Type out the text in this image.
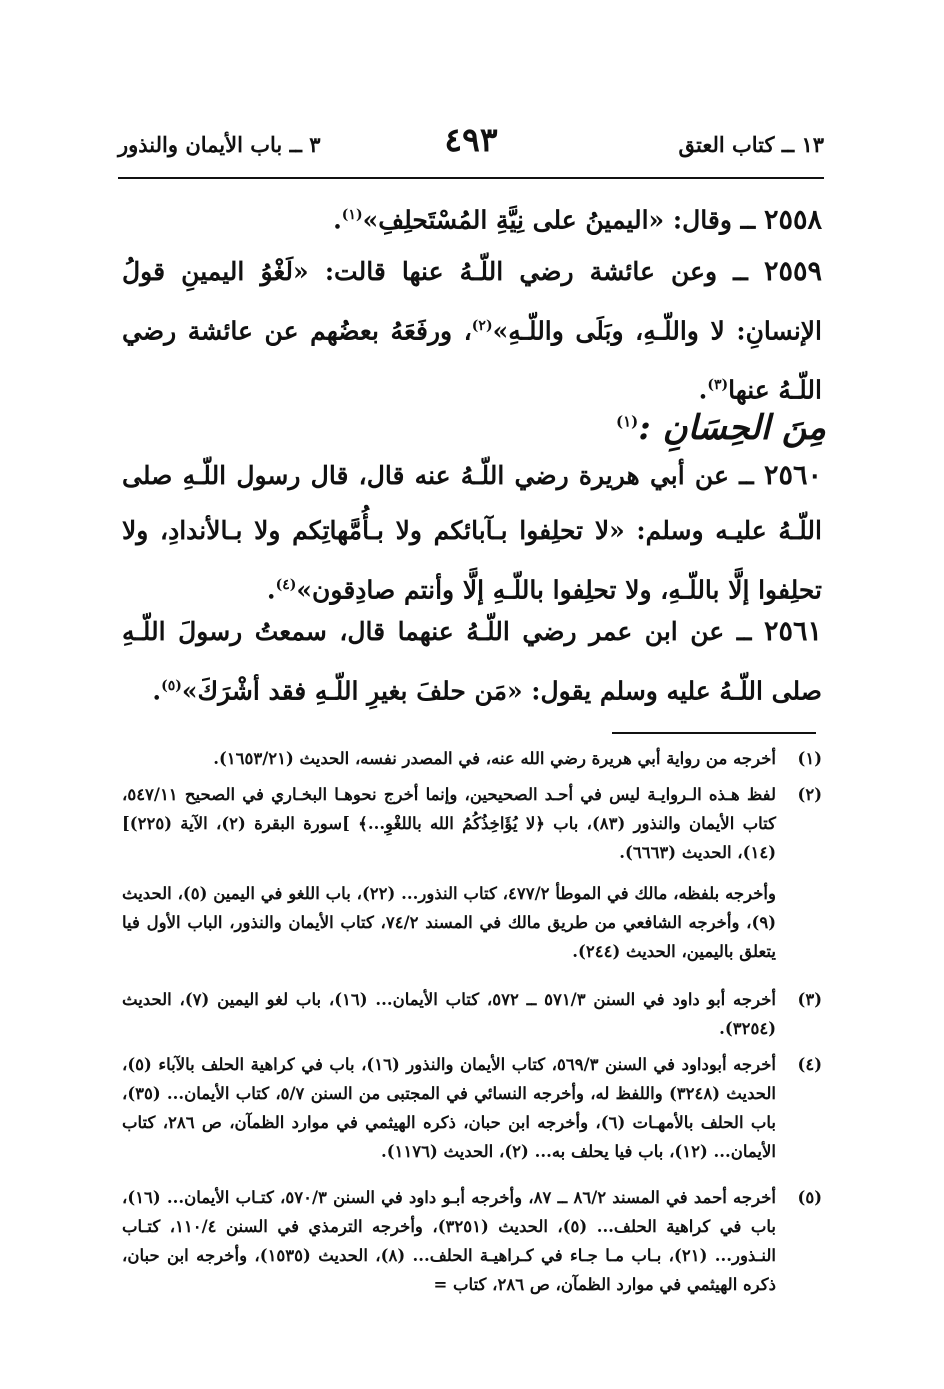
١٣ ــ كتاب العتق
٤٩٣
٣ ــ باب الأيمان والنذور
٢٥٥٨ ــ وقال: «اليمينُ على نِيَّةِ المُسْتَحلِفِ»$^{(١)}$.
٢٥٥٩ ــ وعن عائشة رضي اللّـهُ عنها قالت: «لَغْوُ اليمينِ قولُ الإنسانِ: لا واللّـهِ، وبَلَى واللّـهِ»$^{(٢)}$، ورفَعَهُ بعضُهم عن عائشة رضي اللّـهُ عنها$^{(٣)}$.
مِنَ الحِسَانِ :$^{(١)}$
٢٥٦٠ ــ عن أبي هريرة رضي اللّـهُ عنه قال، قال رسول اللّـهِ صلى اللّـهُ عليـه وسلم: «لا تحلِفوا بـآبائكم ولا بـأُمَّهاتِكم ولا بـالأندادِ، ولا تحلِفوا إلَّا باللّـهِ، ولا تحلِفوا باللّـهِ إلَّا وأنتم صادِقون»$^{(٤)}$.
٢٥٦١ ــ عن ابن عمر رضي اللّـهُ عنهما قال، سمعتُ رسولَ اللّـهِ صلى اللّـهُ عليه وسلم يقول: «مَن حلفَ بغيرِ اللّـهِ فقد أشْرَكَ»$^{(٥)}$.
(١)
أخرجه من رواية أبي هريرة رضي الله عنه، في المصدر نفسه، الحديث (١٦٥٣/٢١).
(٢)
لفظ هـذه الـروايـة ليس في أحـد الصحيحين، وإنما أخرج نحوهـا البخـاري في الصحيح ٥٤٧/١١، كتاب الأيمان والنذور (٨٣)، باب ﴿لا يُؤَاخِذُكُمُ الله باللغْوِ...﴾ ]سورة البقرة (٢)، الآية (٢٢٥)] (١٤)، الحديث (٦٦٦٣).
وأخرجه بلفظه، مالك في الموطأ ٤٧٧/٢، كتاب النذور... (٢٢)، باب اللغو في اليمين (٥)، الحديث (٩)، وأخرجه الشافعي من طريق مالك في المسند ٧٤/٢، كتاب الأيمان والنذور، الباب الأول فيا يتعلق باليمين، الحديث (٢٤٤).
(٣)
أخرجه أبو داود في السنن ٥٧١/٣ ــ ٥٧٢، كتاب الأيمان... (١٦)، باب لغو اليمين (٧)، الحديث (٣٢٥٤).
(٤)
أخرجه أبوداود في السنن ٥٦٩/٣، كتاب الأيمان والنذور (١٦)، باب في كراهية الحلف بالآباء (٥)، الحديث (٣٢٤٨) واللفظ له، وأخرجه النسائي في المجتبى من السنن ٥/٧، كتاب الأيمان... (٣٥)، باب الحلف بالأمهـات (٦)، وأخرجه ابن حبان، ذكره الهيثمي في موارد الظمآن، ص ٢٨٦، كتاب الأيمان... (١٢)، باب فيا يحلف به... (٢)، الحديث (١١٧٦).
(٥)
أخرجه أحمد في المسند ٨٦/٢ ــ ٨٧، وأخرجه أبـو داود في السنن ٥٧٠/٣، كتـاب الأيمان... (١٦)، باب في كراهية الحلف... (٥)، الحديث (٣٢٥١)، وأخرجه الترمذي في السنن ١١٠/٤، كتـاب النـذور... (٢١)، بـاب مـا جـاء في كـراهيـة الحلف... (٨)، الحديث (١٥٣٥)، وأخرجه ابن حبان، ذكره الهيثمي في موارد الظمآن، ص ٢٨٦، كتاب =
